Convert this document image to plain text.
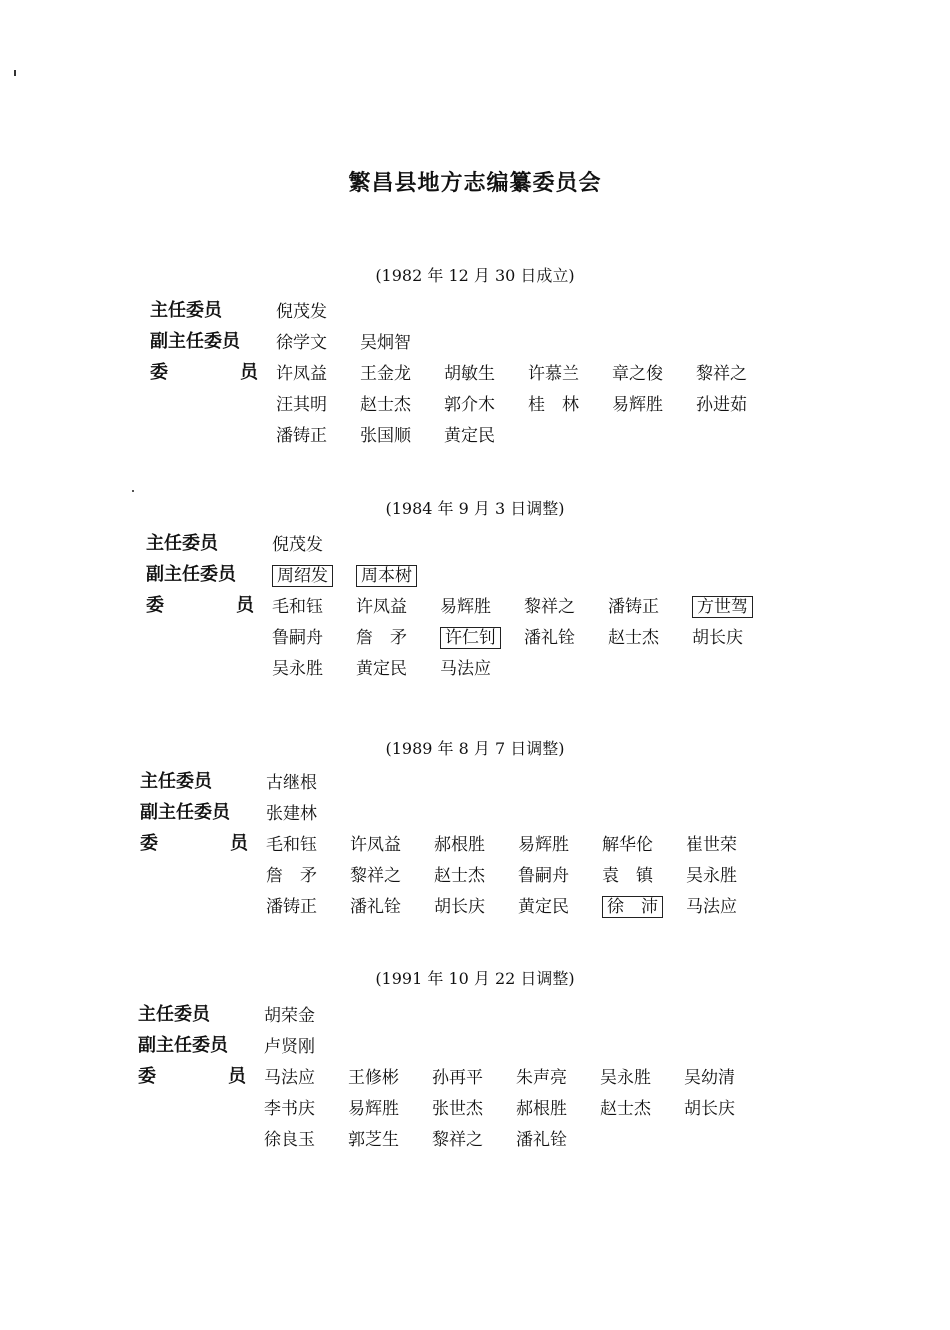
繁昌县地方志编纂委员会
(1982 年 12 月 30 日成立)
主任委员	倪茂发
副主任委员	徐学文 吴炯智
委	员 许凤益 王金龙 胡敏生 许慕兰 章之俊 黎祥之
汪其明 赵士杰 郭介木 桂　林 易辉胜 孙进茹
潘铸正 张国顺 黄定民
(1984 年 9 月 3 日调整)
主任委员	倪茂发
副主任委员	周绍发 周本树
委	员 毛和钰 许凤益 易辉胜 黎祥之 潘铸正 方世驾
鲁嗣舟 詹　矛 许仁钊 潘礼铨 赵士杰 胡长庆
吴永胜 黄定民 马法应
(1989 年 8 月 7 日调整)
主任委员	古继根
副主任委员	张建林
委	员 毛和钰 许凤益 郝根胜 易辉胜 解华伦 崔世荣
詹　矛 黎祥之 赵士杰 鲁嗣舟 袁　镇 吴永胜
潘铸正 潘礼铨 胡长庆 黄定民 徐　沛 马法应
(1991 年 10 月 22 日调整)
主任委员	胡荣金
副主任委员	卢贤刚
委	员 马法应 王修彬 孙再平 朱声亮 吴永胜 吴幼清
李书庆 易辉胜 张世杰 郝根胜 赵士杰 胡长庆
徐良玉 郭芝生 黎祥之 潘礼铨
